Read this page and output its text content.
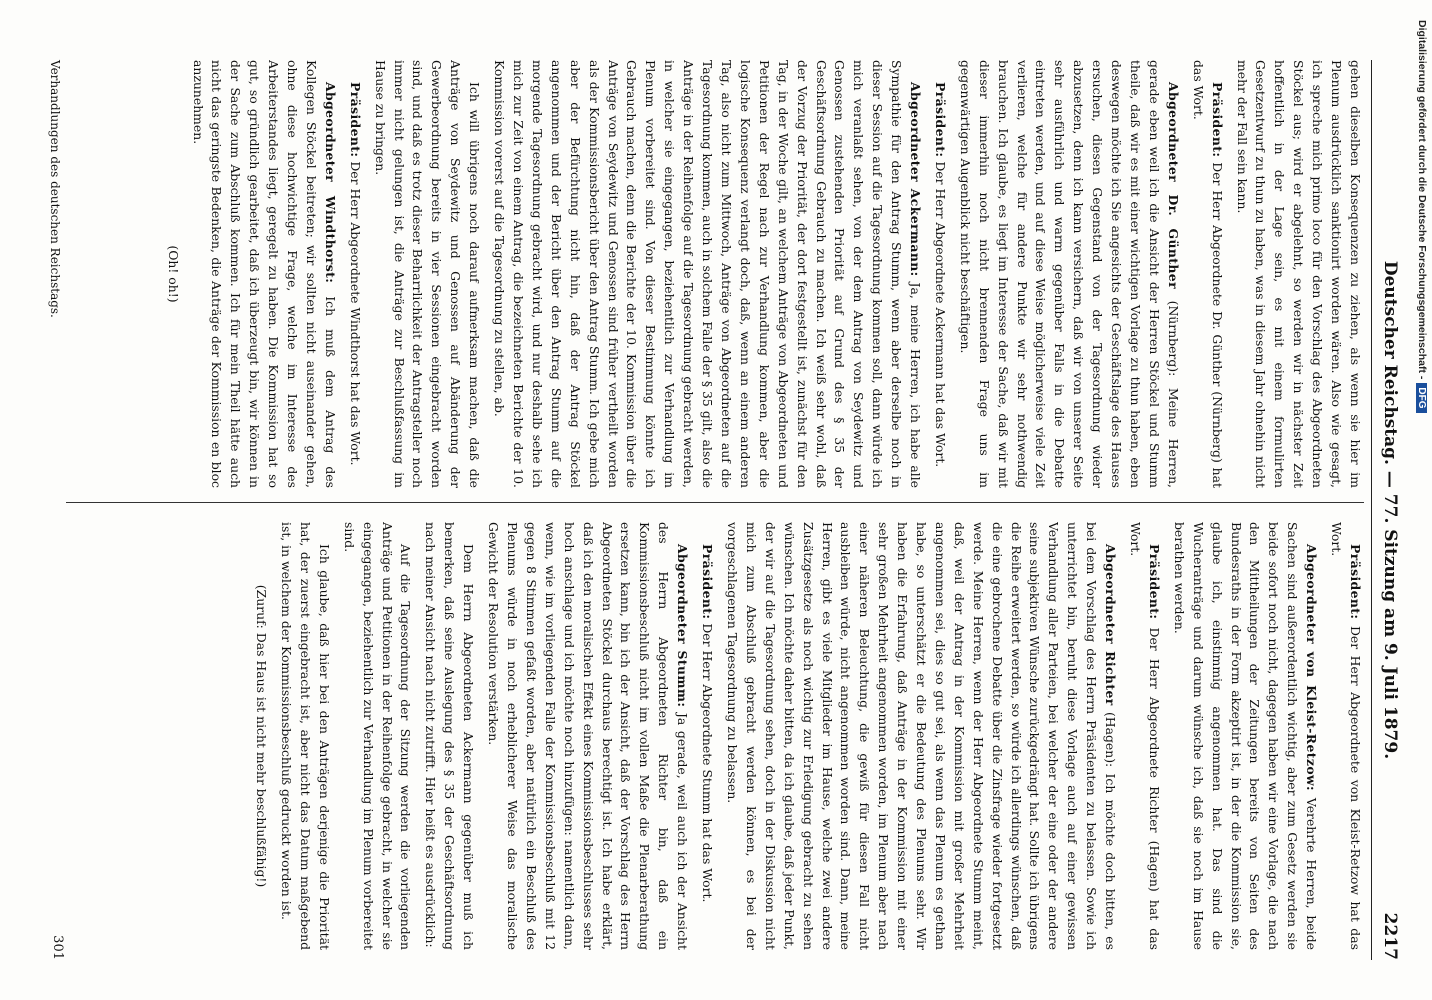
Deutscher Reichstag. — 77. Sitzung am 9. Juli 1879.
2217

gehen dieselben Konsequenzen zu ziehen, als wenn sie hier im Plenum ausdrücklich sanktionirt worden wären. Also wie gesagt, ich spreche mich primo loco für den Vorschlag des Abgeordneten Stöckel aus; wird er abgelehnt, so werden wir in nächster Zeit hoffentlich in der Lage sein, es mit einem formulirten Gesetzentwurf zu thun zu haben, was in diesem Jahr ohnehin nicht mehr der Fall sein kann.

Präsident: Der Herr Abgeordnete Dr. Günther (Nürnberg) hat das Wort.

Abgeordneter Dr. Günther (Nürnberg): Meine Herren, gerade eben weil ich die Ansicht der Herren Stöckel und Stumm theile, daß wir es mit einer wichtigen Vorlage zu thun haben, eben deswegen möchte ich Sie angesichts der Geschäftslage des Hauses ersuchen, diesen Gegenstand von der Tagesordnung wieder abzusetzen, denn ich kann versichern, daß wir von unserer Seite sehr ausführlich und warm gegenüber Falls in die Debatte eintreten werden, und auf diese Weise möglicherweise viele Zeit verlieren, welche für andere Punkte wir sehr nothwendig brauchen. Ich glaube, es liegt im Interesse der Sache, daß wir mit dieser immerhin noch nicht brennenden Frage uns im gegenwärtigen Augenblick nicht beschäftigen.

Präsident: Der Herr Abgeordnete Ackermann hat das Wort.

Abgeordneter Ackermann: Ja, meine Herren, ich habe alle Sympathie für den Antrag Stumm, wenn aber derselbe noch in dieser Session auf die Tagesordnung kommen soll, dann würde ich mich veranlaßt sehen, von der dem Antrag von Seydewitz und Genossen zustehenden Priorität auf Grund des § 35 der Geschäftsordnung Gebrauch zu machen. Ich weiß sehr wohl, daß der Vorzug der Priorität, der dort festgestellt ist, zunächst für den Tag, in der Woche gilt, an welchem Anträge von Abgeordneten und Petitionen der Regel nach zur Verhandlung kommen, aber die logische Konsequenz verlangt doch, daß, wenn an einem anderen Tag, also nicht zum Mittwoch, Anträge von Abgeordneten auf die Tagesordnung kommen, auch in solchem Falle der § 35 gilt, also die Anträge in der Reihenfolge auf die Tagesordnung gebracht werden, in welcher sie eingegangen, beziehentlich zur Verhandlung im Plenum vorbereitet sind. Von dieser Bestimmung könnte ich Gebrauch machen, denn die Berichte der 10. Kommission über die Anträge von Seydewitz und Genossen sind früher vertheilt worden als der Kommissionsbericht über den Antrag Stumm. Ich gebe mich aber der Befürchtung nicht hin, daß der Antrag Stöckel angenommen und der Bericht über den Antrag Stumm auf die morgende Tagesordnung gebracht wird, und nur deshalb sehe ich mich zur Zeit von einem Antrag, die bezeichneten Berichte der 10. Kommission vorerst auf die Tagesordnung zu stellen, ab.

Ich will übrigens noch darauf aufmerksam machen, daß die Anträge von Seydewitz und Genossen auf Abänderung der Gewerbeordnung bereits in vier Sessionen eingebracht worden sind, und daß es trotz dieser Beharrlichkeit der Antragsteller noch immer nicht gelungen ist, die Anträge zur Beschlußfassung im Hause zu bringen.

Präsident: Der Herr Abgeordnete Windthorst hat das Wort.

Abgeordneter Windthorst: Ich muß dem Antrag des Kollegen Stöckel beitreten; wir sollten nicht auseinander gehen, ohne diese hochwichtige Frage, welche im Interesse des Arbeiterstandes liegt, geregelt zu haben. Die Kommission hat so gut, so gründlich gearbeitet, daß ich überzeugt bin, wir können in der Sache zum Abschluß kommen. Ich für mein Theil hätte auch nicht das geringste Bedenken, die Anträge der Kommission en bloc anzunehmen.

(Oh! oh!)

Präsident: Der Herr Abgeordnete von Kleist-Retzow hat das Wort.

Abgeordneter von Kleist-Retzow: Verehrte Herren, beide Sachen sind außerordentlich wichtig, aber zum Gesetz werden sie beide sofort noch nicht, dagegen haben wir eine Vorlage, die nach den Mittheilungen der Zeitungen bereits von Seiten des Bundesraths in der Form akzeptirt ist, in der die Kommission sie, glaube ich, einstimmig angenommen hat. Das sind die Wucheranträge und darum wünsche ich, daß sie noch im Hause berathen werden.

Präsident: Der Herr Abgeordnete Richter (Hagen) hat das Wort.

Abgeordneter Richter (Hagen): Ich möchte doch bitten, es bei dem Vorschlag des Herrn Präsidenten zu belassen. Sowie ich unterrichtet bin, beruht diese Vorlage auch auf einer gewissen Verhandlung aller Parteien, bei welcher der eine oder der andere seine subjektiven Wünsche zurückgedrängt hat. Sollte ich übrigens die Reihe erweitert werden, so würde ich allerdings wünschen, daß die eine gebrochene Debatte über die Zinsfrage wieder fortgesetzt werde. Meine Herren, wenn der Herr Abgeordnete Stumm meint, daß, weil der Antrag in der Kommission mit großer Mehrheit angenommen sei, dies so gut sei, als wenn das Plenum es gethan habe, so unterschätzt er die Bedeutung des Plenums sehr. Wir haben die Erfahrung, daß Anträge in der Kommission mit einer sehr großen Mehrheit angenommen worden, im Plenum aber nach einer näheren Beleuchtung, die gewiß für diesen Fall nicht ausbleiben würde, nicht angenommen worden sind. Dann, meine Herren, gibt es viele Mitglieder im Hause, welche zwei andere Zusätzgesetze als noch wichtig zur Erledigung gebracht zu sehen wünschen. Ich möchte daher bitten, da ich glaube, daß jeder Punkt, der wir auf die Tagesordnung sehen, doch in der Diskussion nicht mich zum Abschluß gebracht werden können, es bei der vorgeschlagenen Tagesordnung zu belassen.

Präsident: Der Herr Abgeordnete Stumm hat das Wort.

Abgeordneter Stumm: Ja gerade, weil auch ich der Ansicht des Herrn Abgeordneten Richter bin, daß ein Kommissionsbeschluß nicht im vollen Maße die Plenarberathung ersetzen kann, bin ich der Ansicht, daß der Vorschlag des Herrn Abgeordneten Stöckel durchaus berechtigt ist. Ich habe erklärt, daß ich den moralischen Effekt eines Kommissionsbeschlusses sehr hoch anschlage und ich möchte noch hinzufügen: namentlich dann, wenn, wie im vorliegenden Falle der Kommissionsbeschluß mit 12 gegen 8 Stimmen gefaßt worden, aber natürlich ein Beschluß des Plenums würde in noch erheblicherer Weise das moralische Gewicht der Resolution verstärken.

Dem Herrn Abgeordneten Ackermann gegenüber muß ich bemerken, daß seine Auslegung des § 35 der Geschäftsordnung nach meiner Ansicht nach nicht zutrifft. Hier heißt es ausdrücklich:

Auf die Tagesordnung der Sitzung werden die vorliegenden Anträge und Petitionen in der Reihenfolge gebracht, in welcher sie eingegangen, beziehentlich zur Verhandlung im Plenum vorbereitet sind.

Ich glaube, daß hier bei den Anträgen derjenige die Priorität hat, der zuerst eingebracht ist, aber nicht das Datum maßgebend ist, in welchem der Kommissionsbeschluß gedruckt worden ist.

(Zuruf: Das Haus ist nicht mehr beschlußfähig!)

Verhandlungen des deutschen Reichstags.
301
Digitalisierung gefördert durch die Deutsche Forschungsgemeinschaft -DFG
